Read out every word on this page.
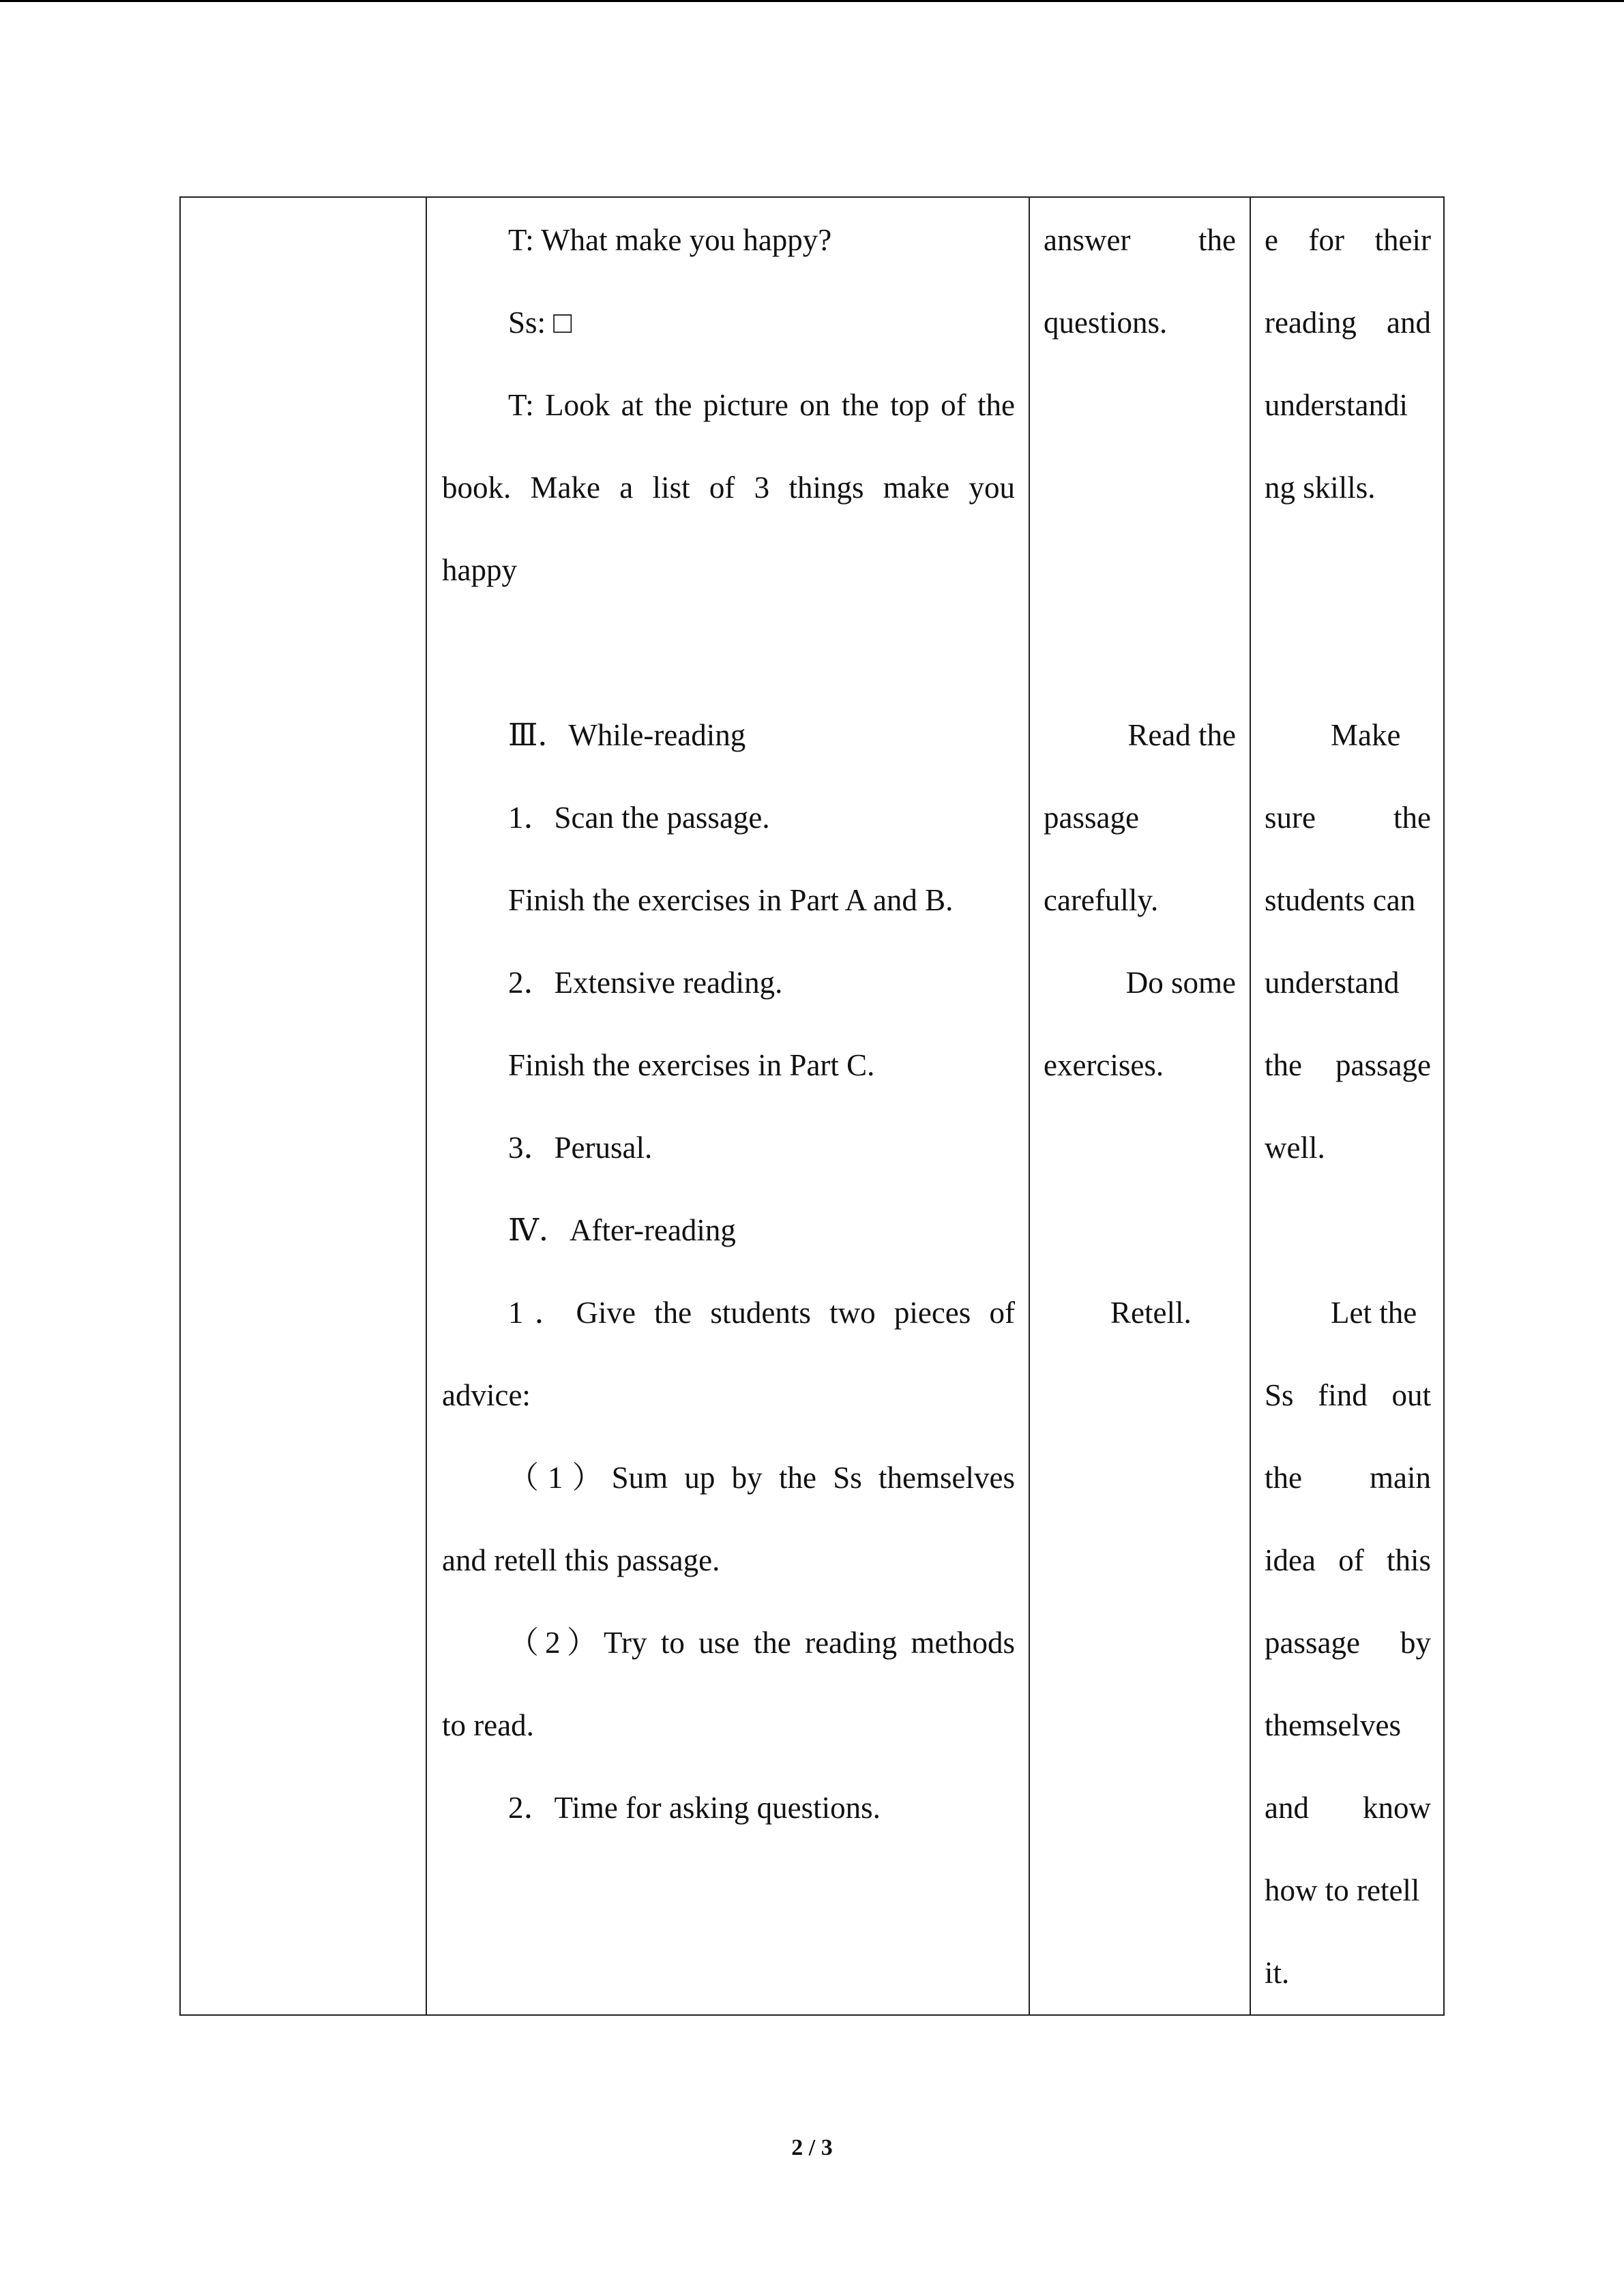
T: What make you happy?
Ss: □
T: Look at the picture on the top of the
book. Make a list of 3 things make you
happy
Ⅲ．While-reading
1．Scan the passage.
Finish the exercises in Part A and B.
2．Extensive reading.
Finish the exercises in Part C.
3．Perusal.
Ⅳ．After-reading
1．Give the students two pieces of
advice:
（1）Sum up by the Ss themselves
and retell this passage.
（2）Try to use the reading methods
to read.
2．Time for asking questions.
answer the
questions.
Read the
passage
carefully.
Do some
exercises.
Retell.
e for their
reading and
understandi
ng skills.
Make
sure the
students can
understand
the passage
well.
Let the
Ss find out
the main
idea of this
passage by
themselves
and know
how to retell
it.
2 / 3
